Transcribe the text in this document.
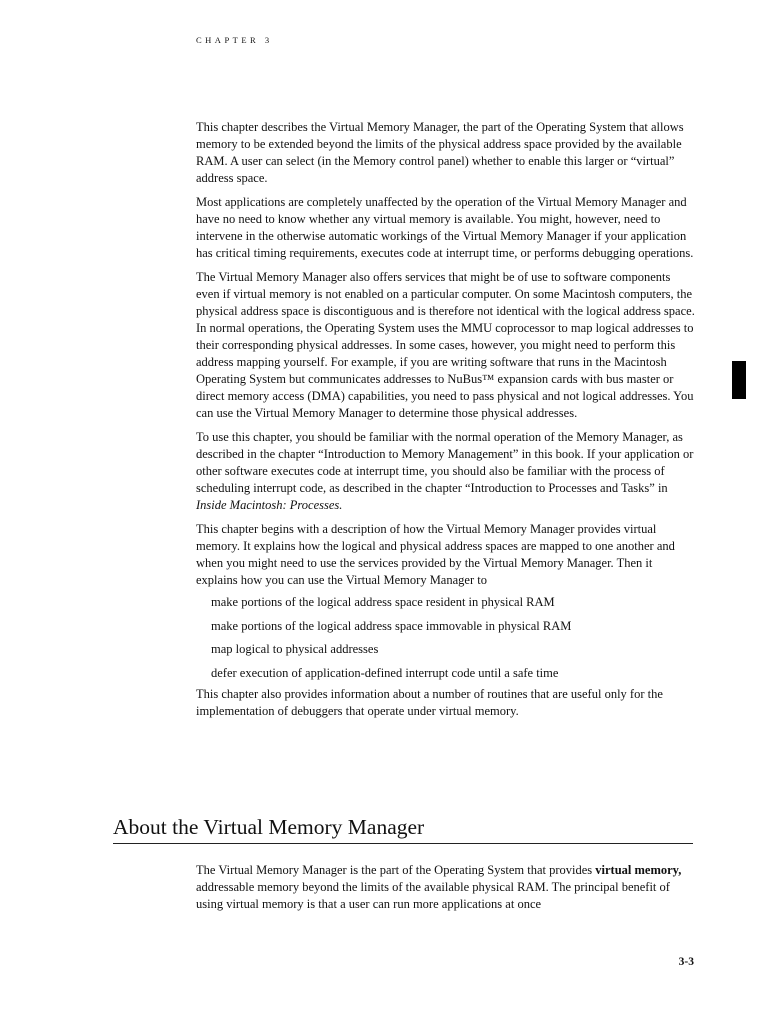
CHAPTER 3

This chapter describes the Virtual Memory Manager, the part of the Operating System that allows memory to be extended beyond the limits of the physical address space provided by the available RAM. A user can select (in the Memory control panel) whether to enable this larger or “virtual” address space.

Most applications are completely unaffected by the operation of the Virtual Memory Manager and have no need to know whether any virtual memory is available. You might, however, need to intervene in the otherwise automatic workings of the Virtual Memory Manager if your application has critical timing requirements, executes code at interrupt time, or performs debugging operations.

The Virtual Memory Manager also offers services that might be of use to software components even if virtual memory is not enabled on a particular computer. On some Macintosh computers, the physical address space is discontiguous and is therefore not identical with the logical address space. In normal operations, the Operating System uses the MMU coprocessor to map logical addresses to their corresponding physical addresses. In some cases, however, you might need to perform this address mapping yourself. For example, if you are writing software that runs in the Macintosh Operating System but communicates addresses to NuBus™ expansion cards with bus master or direct memory access (DMA) capabilities, you need to pass physical and not logical addresses. You can use the Virtual Memory Manager to determine those physical addresses.

To use this chapter, you should be familiar with the normal operation of the Memory Manager, as described in the chapter “Introduction to Memory Management” in this book. If your application or other software executes code at interrupt time, you should also be familiar with the process of scheduling interrupt code, as described in the chapter “Introduction to Processes and Tasks” in Inside Macintosh: Processes.

This chapter begins with a description of how the Virtual Memory Manager provides virtual memory. It explains how the logical and physical address spaces are mapped to one another and when you might need to use the services provided by the Virtual Memory Manager. Then it explains how you can use the Virtual Memory Manager to

make portions of the logical address space resident in physical RAM
make portions of the logical address space immovable in physical RAM
map logical to physical addresses
defer execution of application-defined interrupt code until a safe time

This chapter also provides information about a number of routines that are useful only for the implementation of debuggers that operate under virtual memory.

About the Virtual Memory Manager

The Virtual Memory Manager is the part of the Operating System that provides virtual memory, addressable memory beyond the limits of the available physical RAM. The principal benefit of using virtual memory is that a user can run more applications at once

3-3
